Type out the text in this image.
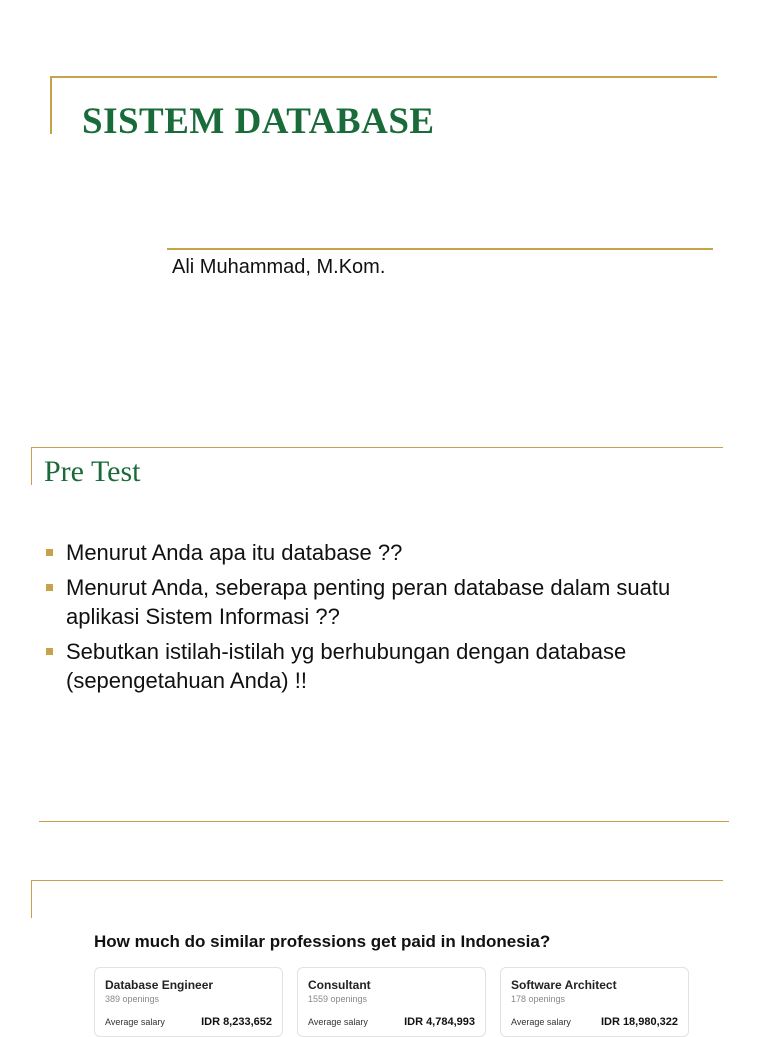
SISTEM DATABASE
Ali Muhammad, M.Kom.
Pre Test
Menurut Anda apa itu database ??
Menurut Anda, seberapa penting peran database dalam suatu aplikasi Sistem Informasi ??
Sebutkan istilah-istilah yg berhubungan dengan database (sepengetahuan Anda) !!
How much do similar professions get paid in Indonesia?
Database Engineer
389 openings
Average salary	IDR 8,233,652
Consultant
1559 openings
Average salary	IDR 4,784,993
Software Architect
178 openings
Average salary	IDR 18,980,322
